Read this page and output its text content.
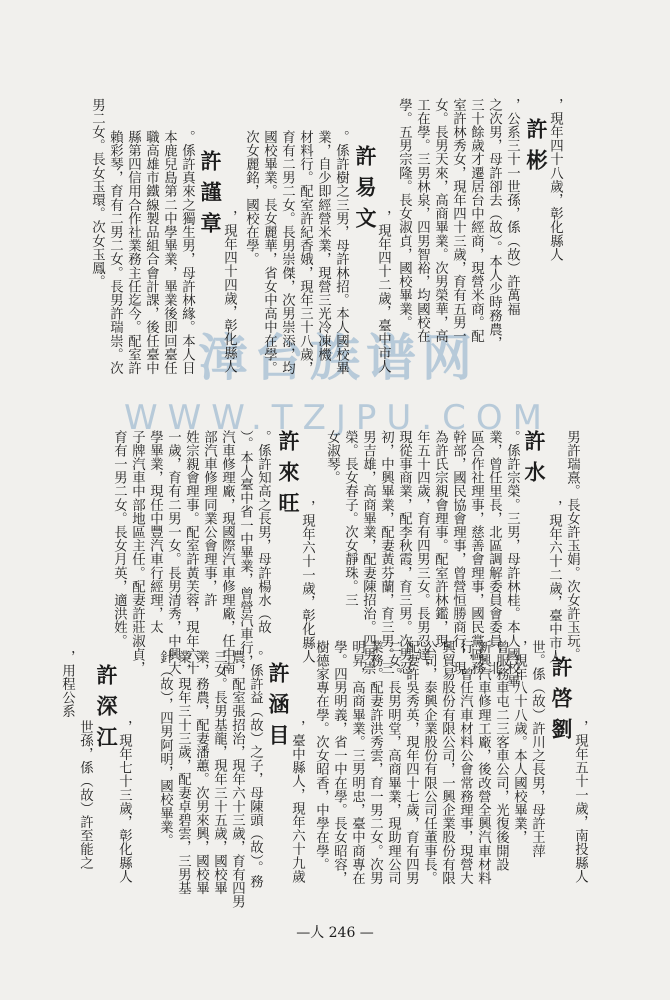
漳台族谱网
WWW.TZJPU.COM
，現年四十八歲，彰化縣人
許彬
，公系三十一世孫，係（故）許萬福
之次男，母許卻去（故）。本人少時務農，
三十餘歲才遷居台中經商，現營米商。配
室許林秀女，現年四十三歲，育有五男一
女。長男天來，高商畢業。次男榮華，高
工在學。三男林泉，四男智裕，均國校在
學。五男宗隆。長女淑貞，國校畢業。
，現年四十二歲，臺中市人
許易文
。係許樹之三男，母許林招。本人國校畢
業，自少即經營米業，現營三光冷凍機
材料行。配室許紀香娥，現年三十八歲，
育有二男二女。長男崇傑，次男崇添，均
國校畢業。長女麗華，省女中高中在學。
次女麗銘，國校在學。
，現年四十四歲，彰化縣人
許謹章
。係許真來之獨生男，母許林緣。本人日
本鹿兒島第二中學畢業，畢業後即回臺任
職高雄市鐵線製品組合會計課，後任臺中
縣第四信用合作社業務主任迄今。配室許
賴彩琴，育有二男二女。長男許瑞崇。次
男二女。長女玉環。次女玉鳳。
男許瑞熹。長女許玉娟。次女許玉玩。
，現年六十二歲，臺中市人
許水
。係許宗榮。三男，母許林桂。本人國校畢
業，曾任里長，北區調解委員會委員，北
區合作社理事，慈善會理事，國民黨區務
幹部，國民協會理事，曾營恒勝商行，現
為許氏宗親會理事。配室許林鑑，現
年五十四歲，育有四男三女。長男忍達，
現從事商業，配李秋霞，育三男。次男忍
初，中興畢業，配妻黃芬蘭，育三男。三
男吉雄，高商畢業，配妻陳招治。四男崇
榮。長女春子。次女靜珠。三
女淑琴。
，現年六十一歲，彰化縣人
許來旺
。係許知高之長男，母許楊水（故
）。本人臺中省一中畢業，曾營汽車行，
汽車修理廠，現國際汽車修理廠，任中南
部汽車修理同業公會理事，許
姓宗親會理事。配室許黃芙蓉，現年六十
一歲，育有二男一女。長男清秀，中興大
學畢業，現任中豐汽車行經理，太
子牌汽車中部地區主任。配妻許莊淑貞，
育有一男二女。長女月英，適洪姓。
，現年五十一歲，南投縣人
許啓劉
世。係（故）許川之長男，母許王萍
，現年八十八歲。本人國校畢業，
曾服務車屯二三客車公司，光復後開設
新興汽車修理工廠，後改營全興汽車材料
行，曾任汽車材料公會常務理事，現營大
興貿易股份有限公司，一興企業股份有限
公司，泰興企業股份有限公司任董事長。
配妻許吳秀英，現年四十七歲，育有四男
二女。長男明堂，高商畢業，現助理公司
業務。配妻許洪秀雲，育一男二女。次男
明昇，高商畢業。三男明忠，臺中商專在
學。四男明義，省一中在學。長女昭容，
樹德家專在學。次女昭香，中學在學。
，臺中縣人，現年六十九歲
許涵目
。係許益（故）之子，母陳頭（故）。務
農，配室張招治，現年六十三歲，育有四男
三女。長男基龍，現年三十五歲，國校畢
業，務農，配妻潘蕙。次男來興，國校畢
業，現年三十三歲，配妻卓碧雲，三男基
針（故），四男阿明，國校畢業。
，現年七十三歲，彰化縣人
許深江
世孫，係（故）許至能之
，用程公系
—人 246 —
